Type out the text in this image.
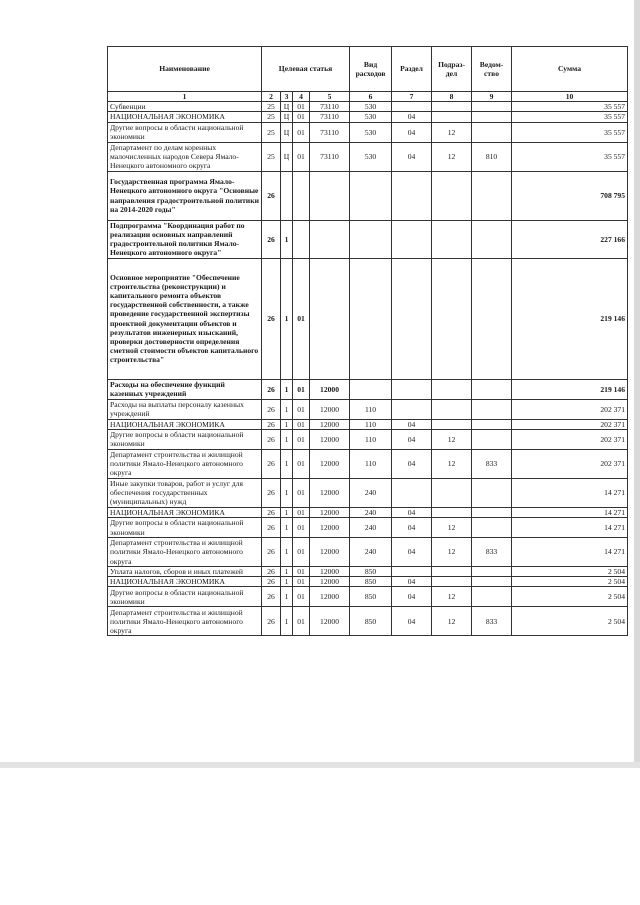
Наименование	Целевая статья				Вид расходов	Раздел	Подраз-дел	Ведом-ство	Сумма
1	2	3	4	5	6	7	8	9	10
Субвенции	25	Ц	01	73110	530				35 557
НАЦИОНАЛЬНАЯ ЭКОНОМИКА	25	Ц	01	73110	530	04			35 557
Другие вопросы в области национальной экономики	25	Ц	01	73110	530	04	12		35 557
Департамент по делам коренных малочисленных народов Севера Ямало-Ненецкого автономного округа	25	Ц	01	73110	530	04	12	810	35 557
Государственная программа Ямало-Ненецкого автономного округа "Основные направления градостроительной политики на 2014-2020 годы"	26								708 795
Подпрограмма "Координация работ по реализации основных направлений градостроительной политики Ямало-Ненецкого автономного округа"	26	1							227 166
Основное мероприятие "Обеспечение строительства (реконструкции) и капитального ремонта объектов государственной собственности, а также проведение государственной экспертизы проектной документации объектов и результатов инженерных изысканий, проверки достоверности определения сметной стоимости объектов капитального строительства"	26	1	01						219 146
Расходы на обеспечение функций казенных учреждений	26	1	01	12000					219 146
Расходы на выплаты персоналу казенных учреждений	26	1	01	12000	110				202 371
НАЦИОНАЛЬНАЯ ЭКОНОМИКА	26	1	01	12000	110	04			202 371
Другие вопросы в области национальной экономики	26	1	01	12000	110	04	12		202 371
Департамент строительства и жилищной политики Ямало-Ненецкого автономного округа	26	1	01	12000	110	04	12	833	202 371
Иные закупки товаров, работ и услуг для обеспечения государственных (муниципальных) нужд	26	1	01	12000	240				14 271
НАЦИОНАЛЬНАЯ ЭКОНОМИКА	26	1	01	12000	240	04			14 271
Другие вопросы в области национальной экономики	26	1	01	12000	240	04	12		14 271
Департамент строительства и жилищной политики Ямало-Ненецкого автономного округа	26	1	01	12000	240	04	12	833	14 271
Уплата налогов, сборов и иных платежей	26	1	01	12000	850				2 504
НАЦИОНАЛЬНАЯ ЭКОНОМИКА	26	1	01	12000	850	04			2 504
Другие вопросы в области национальной экономики	26	1	01	12000	850	04	12		2 504
Департамент строительства и жилищной политики Ямало-Ненецкого автономного округа	26	1	01	12000	850	04	12	833	2 504
